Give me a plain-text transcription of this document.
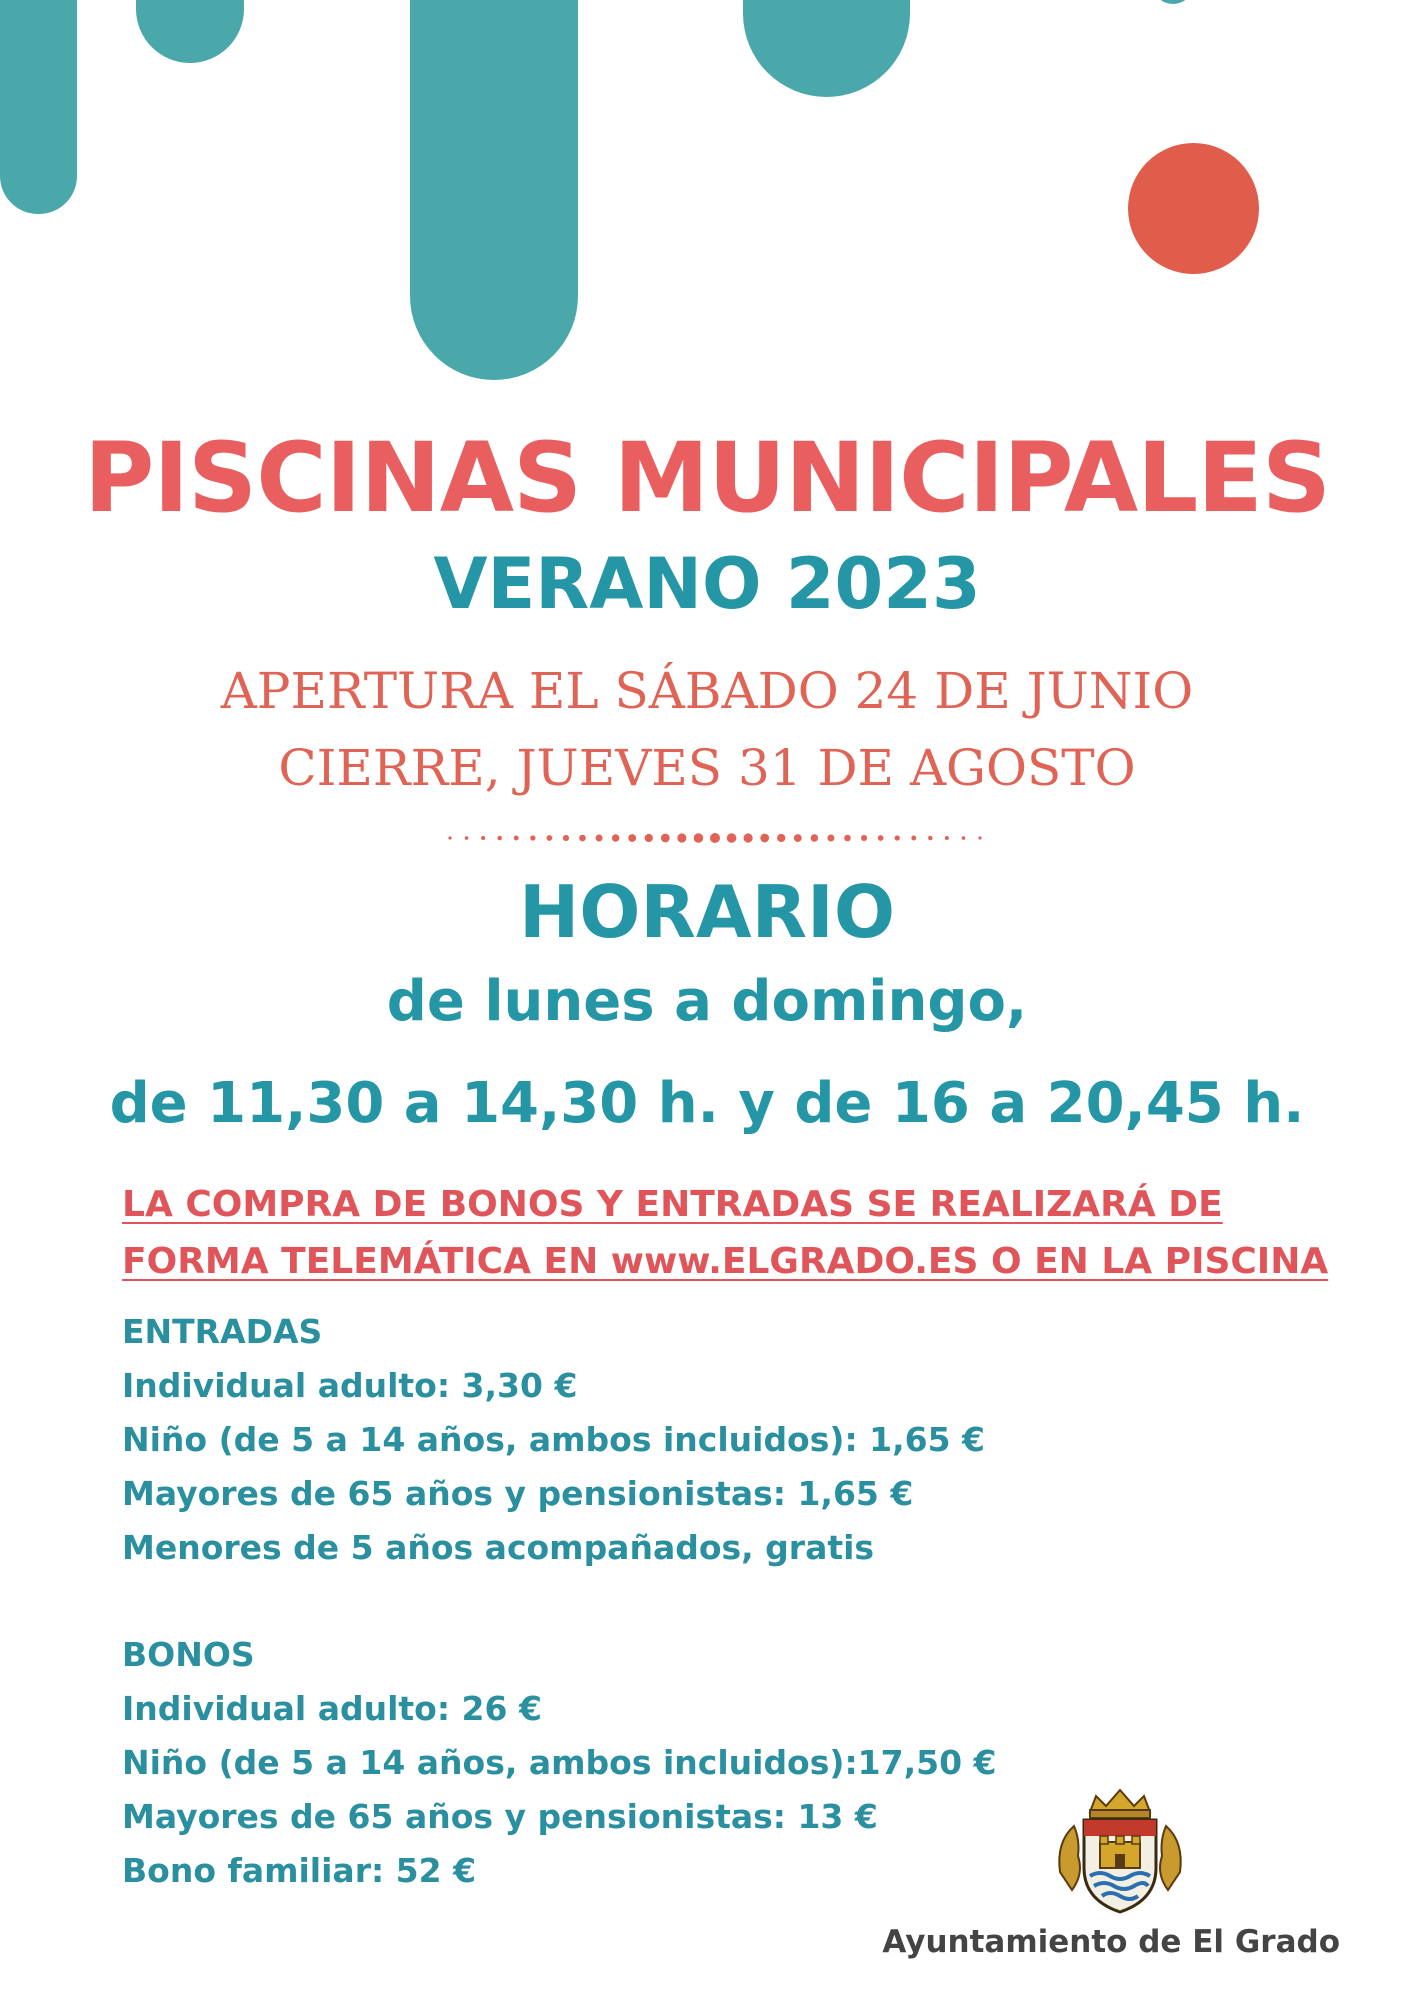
PISCINAS MUNICIPALES
VERANO 2023
APERTURA EL SÁBADO 24 DE JUNIO
CIERRE, JUEVES 31 DE AGOSTO
HORARIO
de lunes a domingo,
de 11,30 a 14,30 h. y de 16 a 20,45 h.
LA COMPRA DE BONOS Y ENTRADAS SE REALIZARÁ DE
FORMA TELEMÁTICA EN www.ELGRADO.ES O EN LA PISCINA
ENTRADAS
Individual adulto: 3,30 €
Niño (de 5 a 14 años, ambos incluidos): 1,65 €
Mayores de 65 años y pensionistas: 1,65 €
Menores de 5 años acompañados, gratis
BONOS
Individual adulto: 26 €
Niño (de 5 a 14 años, ambos incluidos):17,50 €
Mayores de 65 años y pensionistas: 13 €
Bono familiar: 52 €
Ayuntamiento de El Grado
